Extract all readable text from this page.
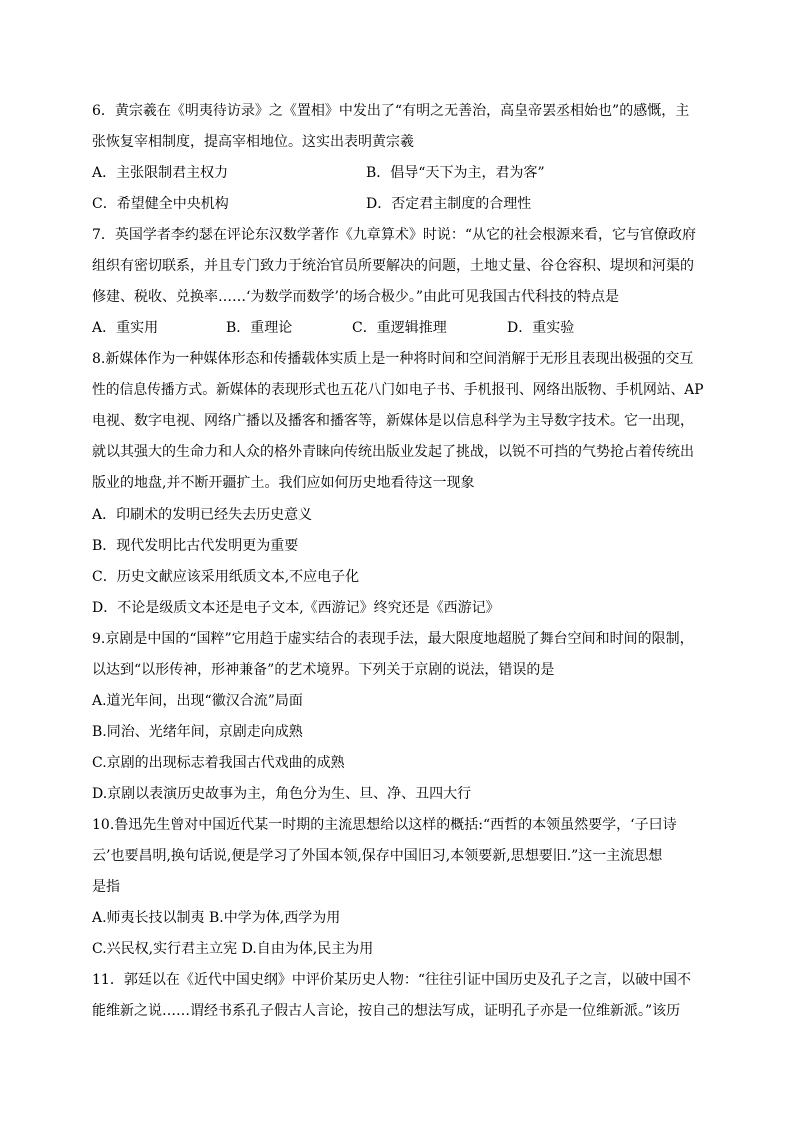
6．黄宗羲在《明夷待访录》之《置相》中发出了“有明之无善治，高皇帝罢丞相始也”的感慨，主
张恢复宰相制度，提高宰相地位。这实出表明黄宗羲
A．主张限制君主权力	B．倡导“天下为主，君为客”
C．希望健全中央机构	D．否定君主制度的合理性
7．英国学者李约瑟在评论东汉数学著作《九章算术》时说：“从它的社会根源来看，它与官僚政府
组织有密切联系，并且专门致力于统治官员所要解决的问题，土地丈量、谷仓容积、堤坝和河渠的
修建、税收、兑换率……‘为数学而数学’的场合极少。”由此可见我国古代科技的特点是
A．重实用	B．重理论	C．重逻辑推理	D．重实验
8.新媒体作为一种媒体形态和传播载体实质上是一种将时间和空间消解于无形且表现出极强的交互
性的信息传播方式。新媒体的表现形式也五花八门如电子书、手机报刊、网络出版物、手机网站、AP
电视、数字电视、网络广播以及播客和播客等，新媒体是以信息科学为主导数字技术。它一出现，
就以其强大的生命力和人众的格外青睐向传统出版业发起了挑战，以锐不可挡的气势抢占着传统出
版业的地盘,并不断开疆扩土。我们应如何历史地看待这一现象
A．印刷术的发明已经失去历史意义
B．现代发明比古代发明更为重要
C．历史文献应该采用纸质文本,不应电子化
D．不论是级质文本还是电子文本,《西游记》终究还是《西游记》
9.京剧是中国的“国粹”它用趋于虚实结合的表现手法，最大限度地超脱了舞台空间和时间的限制，
以达到“以形传神，形神兼备”的艺术境界。下列关于京剧的说法，错误的是
A.道光年间，出现“徽汉合流”局面
B.同治、光绪年间，京剧走向成熟
C.京剧的出现标志着我国古代戏曲的成熟
D.京剧以表演历史故事为主，角色分为生、旦、净、丑四大行
10.鲁迅先生曾对中国近代某一时期的主流思想给以这样的概括:“西哲的本领虽然要学，‘子曰诗
云’也要昌明,换句话说,便是学习了外国本领,保存中国旧习,本领要新,思想要旧.”这一主流思想
是指
A.师夷长技以制夷 B.中学为体,西学为用
C.兴民权,实行君主立宪 D.自由为体,民主为用
11．郭廷以在《近代中国史纲》中评价某历史人物：“往往引证中国历史及孔子之言，以破中国不
能维新之说……谓经书系孔子假古人言论，按自己的想法写成，证明孔子亦是一位维新派。”该历
